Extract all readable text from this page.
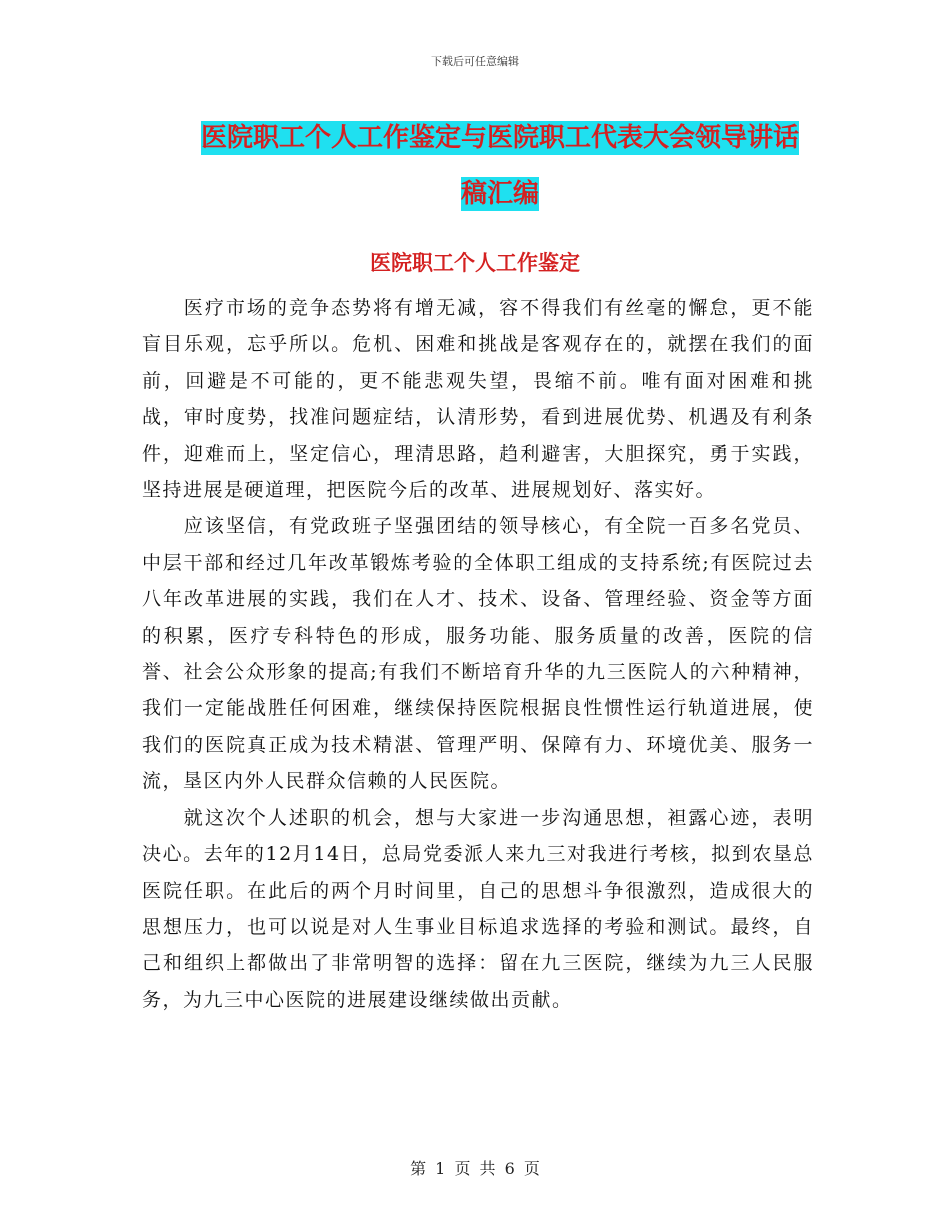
下载后可任意编辑
医院职工个人工作鉴定与医院职工代表大会领导讲话
稿汇编
医院职工个人工作鉴定

医疗市场的竞争态势将有增无减，容不得我们有丝毫的懈怠，更不能盲目乐观，忘乎所以。危机、困难和挑战是客观存在的，就摆在我们的面前，回避是不可能的，更不能悲观失望，畏缩不前。唯有面对困难和挑战，审时度势，找准问题症结，认清形势，看到进展优势、机遇及有利条件，迎难而上，坚定信心，理清思路，趋利避害，大胆探究，勇于实践，坚持进展是硬道理，把医院今后的改革、进展规划好、落实好。

应该坚信，有党政班子坚强团结的领导核心，有全院一百多名党员、中层干部和经过几年改革锻炼考验的全体职工组成的支持系统;有医院过去八年改革进展的实践，我们在人才、技术、设备、管理经验、资金等方面的积累，医疗专科特色的形成，服务功能、服务质量的改善，医院的信誉、社会公众形象的提高;有我们不断培育升华的九三医院人的六种精神，我们一定能战胜任何困难，继续保持医院根据良性惯性运行轨道进展，使我们的医院真正成为技术精湛、管理严明、保障有力、环境优美、服务一流，垦区内外人民群众信赖的人民医院。

就这次个人述职的机会，想与大家进一步沟通思想，袒露心迹，表明决心。去年的12月14日，总局党委派人来九三对我进行考核，拟到农垦总医院任职。在此后的两个月时间里，自己的思想斗争很激烈，造成很大的思想压力，也可以说是对人生事业目标追求选择的考验和测试。最终，自己和组织上都做出了非常明智的选择：留在九三医院，继续为九三人民服务，为九三中心医院的进展建设继续做出贡献。

第 1 页 共 6 页
